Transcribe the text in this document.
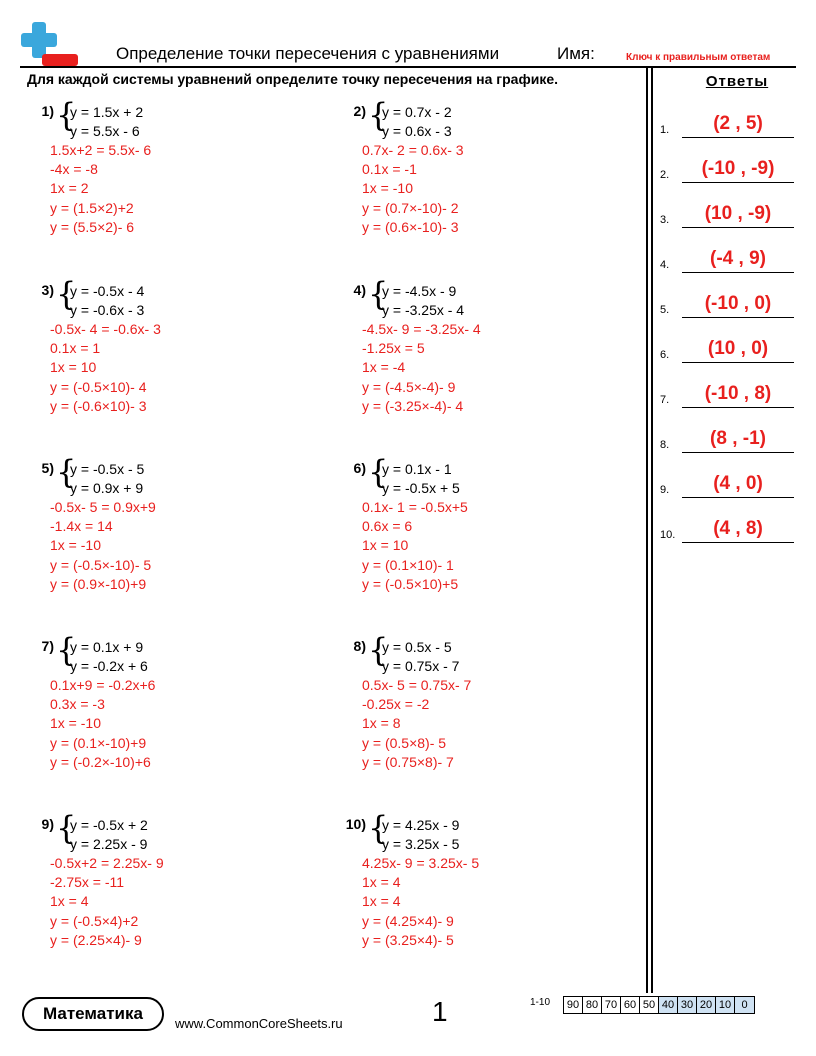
Определение точки пересечения с уравнениями	Имя:	Ключ к правильным ответам
Для каждой системы уравнений определите точку пересечения на графике.	Ответы
1) {
y = 1.5x + 2
y = 5.5x - 6
1.5x+2 = 5.5x- 6
-4x = -8
1x = 2
y = (1.5×2)+2
y = (5.5×2)- 6
2) {
y = 0.7x - 2
y = 0.6x - 3
0.7x- 2 = 0.6x- 3
0.1x = -1
1x = -10
y = (0.7×-10)- 2
y = (0.6×-10)- 3
3) {
y = -0.5x - 4
y = -0.6x - 3
-0.5x- 4 = -0.6x- 3
0.1x = 1
1x = 10
y = (-0.5×10)- 4
y = (-0.6×10)- 3
4) {
y = -4.5x - 9
y = -3.25x - 4
-4.5x- 9 = -3.25x- 4
-1.25x = 5
1x = -4
y = (-4.5×-4)- 9
y = (-3.25×-4)- 4
5) {
y = -0.5x - 5
y = 0.9x + 9
-0.5x- 5 = 0.9x+9
-1.4x = 14
1x = -10
y = (-0.5×-10)- 5
y = (0.9×-10)+9
6) {
y = 0.1x - 1
y = -0.5x + 5
0.1x- 1 = -0.5x+5
0.6x = 6
1x = 10
y = (0.1×10)- 1
y = (-0.5×10)+5
7) {
y = 0.1x + 9
y = -0.2x + 6
0.1x+9 = -0.2x+6
0.3x = -3
1x = -10
y = (0.1×-10)+9
y = (-0.2×-10)+6
8) {
y = 0.5x - 5
y = 0.75x - 7
0.5x- 5 = 0.75x- 7
-0.25x = -2
1x = 8
y = (0.5×8)- 5
y = (0.75×8)- 7
9) {
y = -0.5x + 2
y = 2.25x - 9
-0.5x+2 = 2.25x- 9
-2.75x = -11
1x = 4
y = (-0.5×4)+2
y = (2.25×4)- 9
10) {
y = 4.25x - 9
y = 3.25x - 5
4.25x- 9 = 3.25x- 5
1x = 4
1x = 4
y = (4.25×4)- 9
y = (3.25×4)- 5
1.	(2 , 5)
2.	(-10 , -9)
3.	(10 , -9)
4.	(-4 , 9)
5.	(-10 , 0)
6.	(10 , 0)
7.	(-10 , 8)
8.	(8 , -1)
9.	(4 , 0)
10.	(4 , 8)
Математика
www.CommonCoreSheets.ru	1	1-10 90 80 70 60 50 40 30 20 10 0
